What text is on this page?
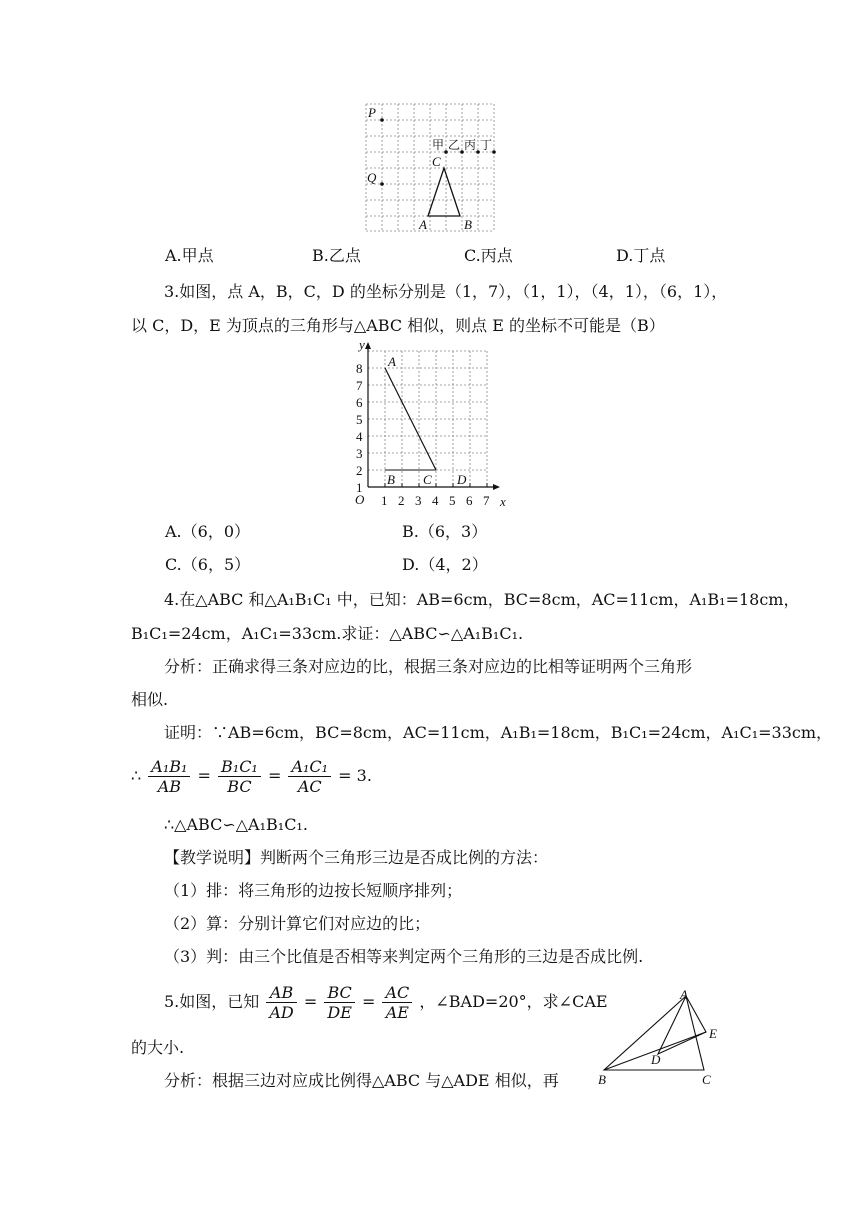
P
Q
C
A	B
甲 乙 丙 丁
A.甲点	B.乙点	C.丙点	D.丁点
3.如图，点 A，B，C，D 的坐标分别是（1，7），（1，1），（4，1），（6，1），
以 C，D，E 为顶点的三角形与△ABC 相似，则点 E 的坐标不可能是（B）
y
x
O
1
2
3
4
5
6
7
8
1 2 3 4 5 6 7
A
B C D
A.（6，0）	B.（6，3）
C.（6，5）	D.（4，2）
4.在△ABC 和△A₁B₁C₁ 中，已知：AB=6cm，BC=8cm，AC=11cm，A₁B₁=18cm，
B₁C₁=24cm，A₁C₁=33cm.求证：△ABC∽△A₁B₁C₁.
分析：正确求得三条对应边的比，根据三条对应边的比相等证明两个三角形
相似.
证明：∵AB=6cm，BC=8cm，AC=11cm，A₁B₁=18cm，B₁C₁=24cm，A₁C₁=33cm，
∴ $\frac{\text{A₁B₁}}{AB} = \frac{\text{B₁C₁}}{BC} = \frac{\text{A₁C₁}}{AC} = 3$.
∴△ABC∽△A₁B₁C₁.
【教学说明】判断两个三角形三边是否成比例的方法：
（1）排：将三角形的边按长短顺序排列；
（2）算：分别计算它们对应边的比；
（3）判：由三个比值是否相等来判定两个三角形的三边是否成比例.
5.如图，已知 $\frac{AB}{AD} = \frac{BC}{DE} = \frac{AC}{AE}$ ，∠BAD=20°，求∠CAE
的大小.
分析：根据三边对应成比例得△ABC 与△ADE 相似，再
A
B	C
D
E
